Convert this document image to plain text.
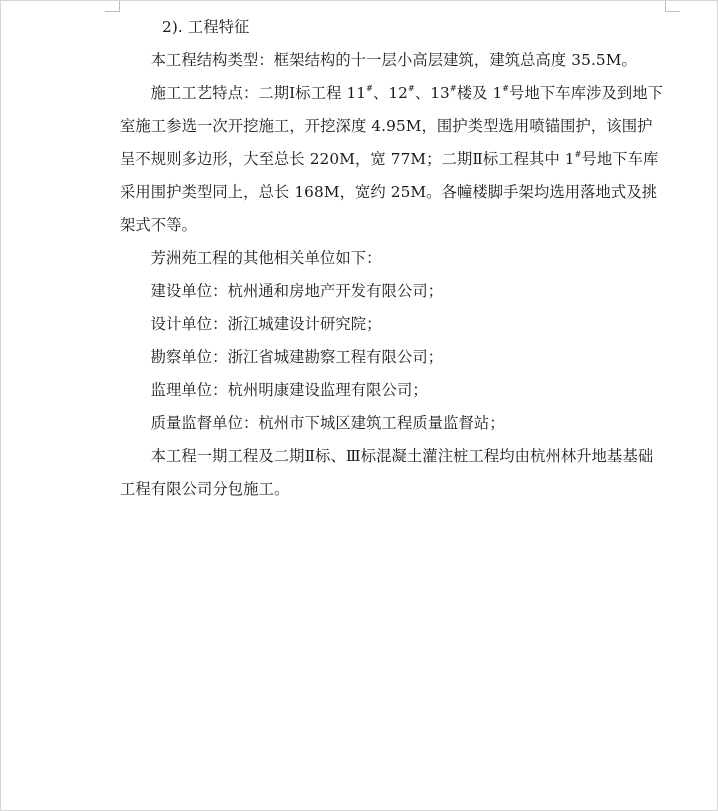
2). 工程特征

本工程结构类型：框架结构的十一层小高层建筑，建筑总高度 35.5M。

施工工艺特点：二期Ⅰ标工程 11#、12#、13#楼及 1#号地下车库涉及到地下室施工参选一次开挖施工，开挖深度 4.95M，围护类型选用喷锚围护，该围护呈不规则多边形，大至总长 220M，宽 77M；二期Ⅱ标工程其中 1#号地下车库采用围护类型同上，总长 168M，宽约 25M。各幢楼脚手架均选用落地式及挑架式不等。

芳洲苑工程的其他相关单位如下：

建设单位：杭州通和房地产开发有限公司；

设计单位：浙江城建设计研究院；

勘察单位：浙江省城建勘察工程有限公司；

监理单位：杭州明康建设监理有限公司；

质量监督单位：杭州市下城区建筑工程质量监督站；

本工程一期工程及二期Ⅱ标、Ⅲ标混凝土灌注桩工程均由杭州林升地基基础工程有限公司分包施工。
